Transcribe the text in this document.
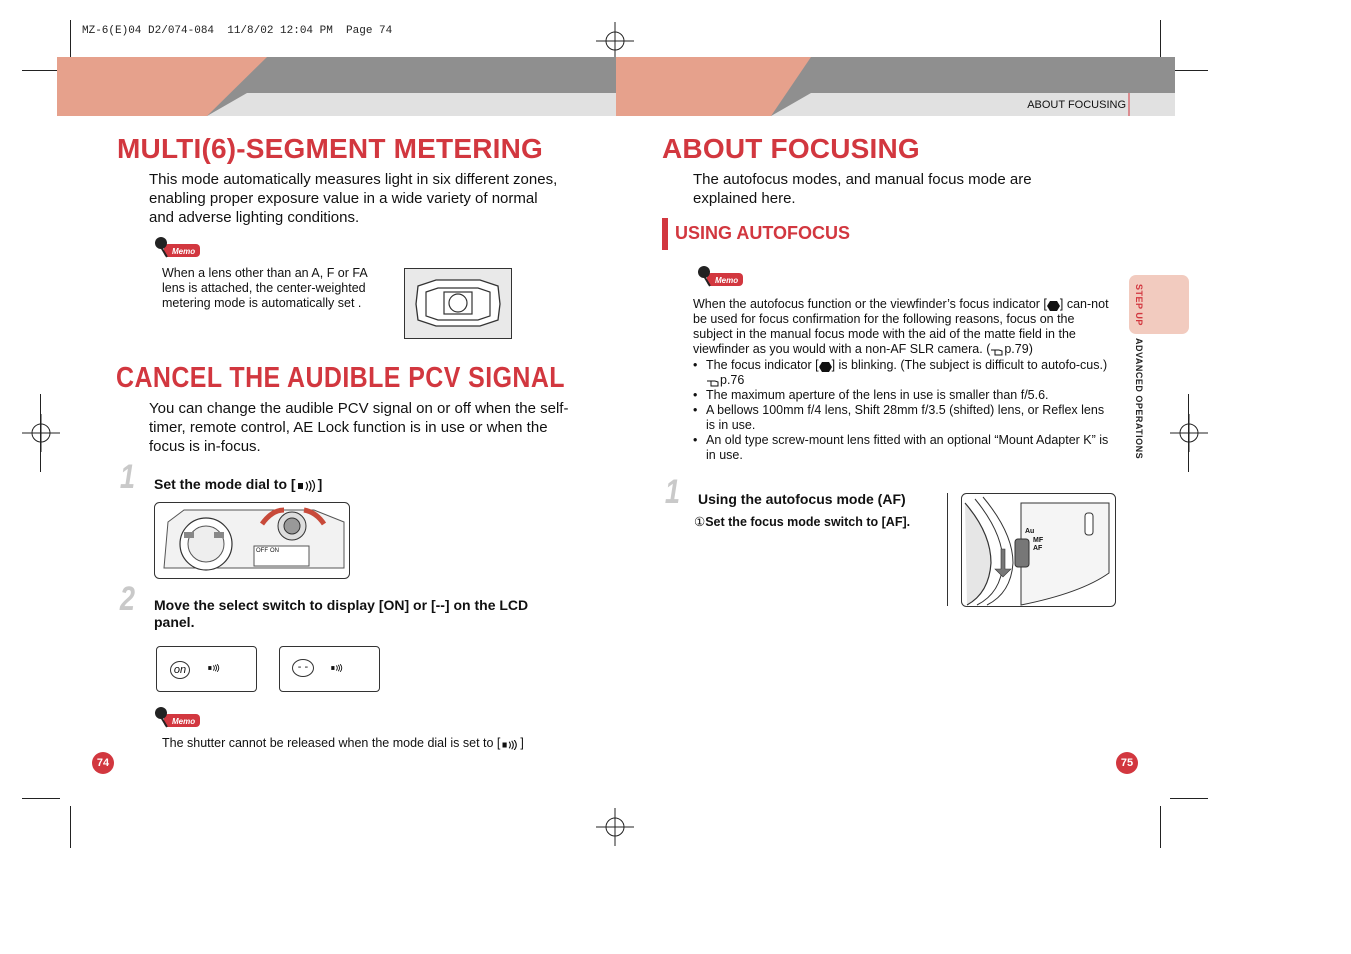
MZ-6(E)04 D2/074-084  11/8/02 12:04 PM  Page 74
ABOUT FOCUSING
MULTI(6)-SEGMENT METERING
This mode automatically measures light in six different zones, enabling proper exposure value in a wide variety of normal and adverse lighting conditions.
Memo
When a lens other than an A, F or FA lens is attached, the center-weighted metering mode is automatically set .
CANCEL THE AUDIBLE PCV SIGNAL
You can change the audible PCV signal on or off when the self-timer, remote control, AE Lock function is in use or when the focus is in-focus.
1 Set the mode dial to [ ]
OFF ON
2 Move the select switch to display [ON] or [--] on the LCD panel.
on	- -
Memo
The shutter cannot be released when the mode dial is set to [ ]
74
ABOUT FOCUSING
The autofocus modes, and manual focus mode are explained here.
USING AUTOFOCUS
Memo
When the autofocus function or the viewfinder’s focus indicator [ ] can-not be used for focus confirmation for the following reasons, focus on the subject in the manual focus mode with the aid of the matte field in the viewfinder as you would with a non-AF SLR camera. ( p.79)
• The focus indicator [ ] is blinking. (The subject is difficult to autofo-cus.) p.76
• The maximum aperture of the lens in use is smaller than f/5.6.
• A bellows 100mm f/4 lens, Shift 28mm f/3.5 (shifted) lens, or Reflex lens is in use.
• An old type screw-mount lens fitted with an optional “Mount Adapter K” is in use.
1 Using the autofocus mode (AF)
①Set the focus mode switch to [AF].
Au
MF
AF
STEP UP
ADVANCED OPERATIONS
75
